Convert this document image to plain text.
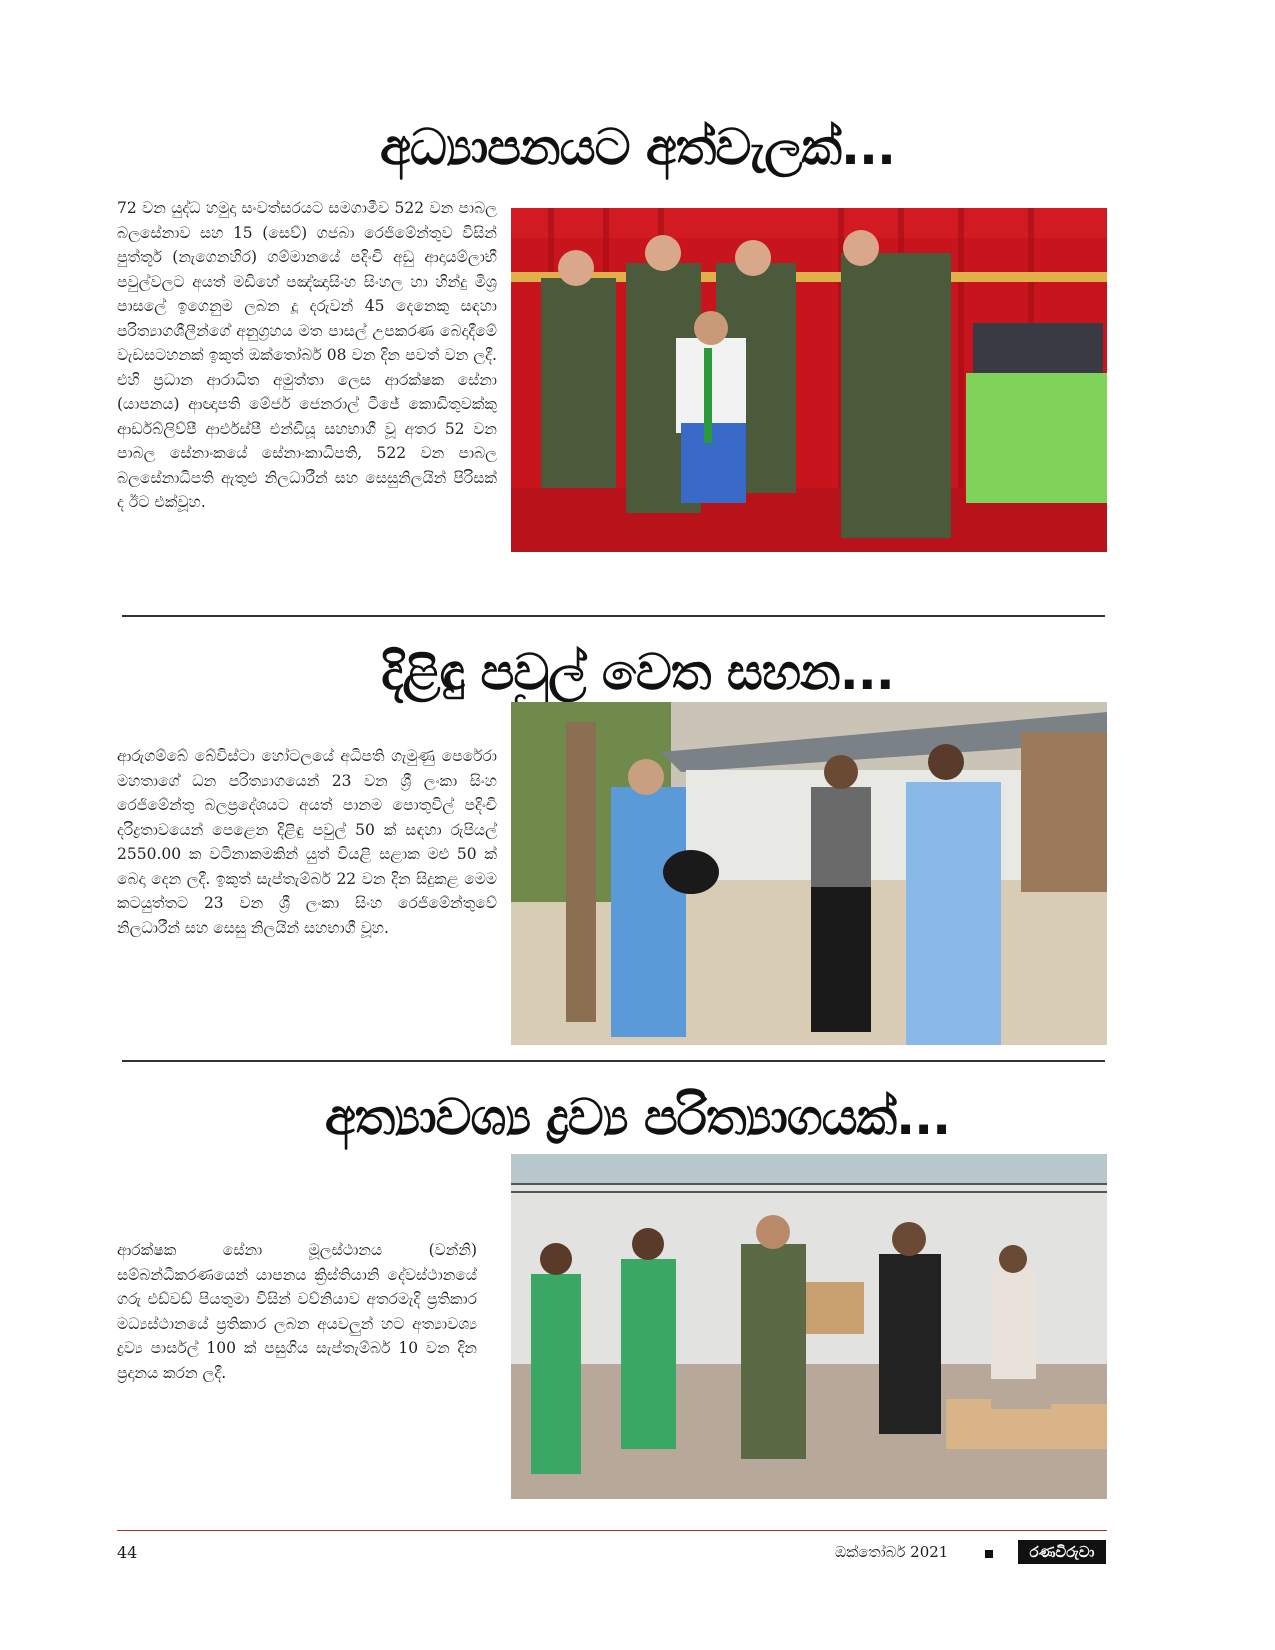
අධ්‍යාපනයට අත්වැලක්...
72 වන යුද්ධ හමුදා සංවත්සරයට සමගාමීව 522 වන පාබල බලසේනාව සහ 15 (සෙව්) ගජබා රෙජිමේන්තුව විසින් පුත්තූර් (නැගෙනහිර) ගම්මානයේ පදිංචි අඩු ආදායම්ලාභී පවුල්වලට අයත් මඩිහේ පඤ්ඤාසිංහ සිංහල හා හින්දු මිශ්‍ර පාසලේ ඉගෙනුම ලබන දූ දරුවන් 45 දෙනෙකු සඳහා පරිත්‍යාගශීලීන්ගේ අනුග්‍රහය මත පාසල් උපකරණ බෙදාදීමේ වැඩසටහනක් ඉකුත් ඔක්තෝබර් 08 වන දින පවත් වන ලදී. එහි ප්‍රධාන ආරාධිත අමුත්තා ලෙස ආරක්ෂක සේනා (යාපනය) ආඥාපති මේජර් ජෙනරාල් ටීජේ කොඩිතුවක්කු ආර්ඩබ්ලිව්පී ආර්එස්පී එන්ඩීයූ සහභාගී වූ අතර 52 වන පාබල සේනාංකයේ සේනාංකාධිපති, 522 වන පාබල බලසේනාධිපති ඇතුළු නිලධාරීන් සහ සෙසුනිලයින් පිරිසක් ද ඊට එක්වූහ.
දිළිඳු පවුල් වෙත සහන...
ආරුගම්බේ බේවිස්ටා හෝටලයේ අධිපති ගැමුණු පෙරේරා මහතාගේ ධන පරිත්‍යාගයෙන් 23 වන ශ්‍රී ලංකා සිංහ රෙජිමේන්තු බලප්‍රදේශයට අයත් පානම පොතුවිල් පදිංචි දරිද්‍රතාවයෙන් පෙළෙන දිළිඳු පවුල් 50 ක් සඳහා රුපියල් 2550.00 ක වටිනාකමකින් යුත් වියළි සළාක මළු 50 ක් බෙදා දෙන ලදී. ඉකුත් සැප්තැම්බර් 22 වන දින සිදුකළ මෙම කටයුත්තට 23 වන ශ්‍රී ලංකා සිංහ රෙජිමේන්තුවේ නිලධාරීන් සහ සෙසු නිලයින් සහභාගී වූහ.
අත්‍යාවශ්‍ය ද්‍රව්‍ය පරිත්‍යාගයක්...
ආරක්ෂක සේනා මූලස්ථානය (වන්නි) සම්බන්ධීකරණයෙන් යාපනය ක්‍රිස්තියානි දේවස්ථානයේ ගරු එඩ්වඩ් පියතුමා විසින් වව්නියාව අතරමැදි ප්‍රතිකාර මධ්‍යස්ථානයේ ප්‍රතිකාර ලබන අයවලුන් හට අත්‍යාවශ්‍ය ද්‍රව්‍ය පාර්සල් 100 ක් පසුගිය සැප්තැම්බර් 10 වන දින ප්‍රදානය කරන ලදී.
44	ඔක්තෝබර් 2021	රණවිරුවා
